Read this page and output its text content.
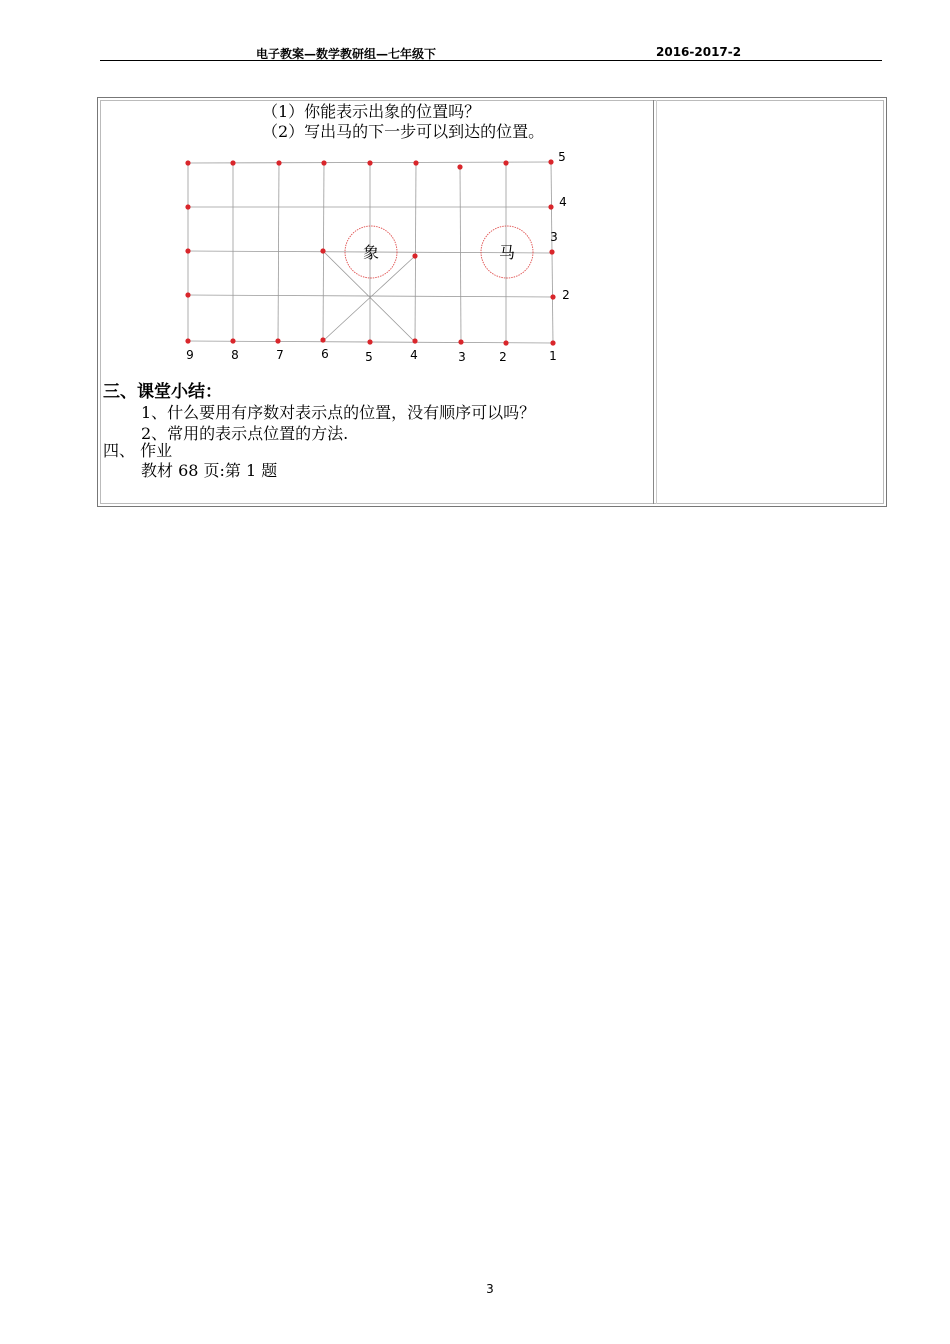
电子教案—数学教研组—七年级下	2016-2017-2
（1）你能表示出象的位置吗？
（2）写出马的下一步可以到达的位置。
象	马
9	8	7	6	5	4	3	2	1
5
4
3
2
三、课堂小结：
1、什么要用有序数对表示点的位置，没有顺序可以吗？
2、常用的表示点位置的方法.
四、 作业
教材 68 页:第 1 题
3
